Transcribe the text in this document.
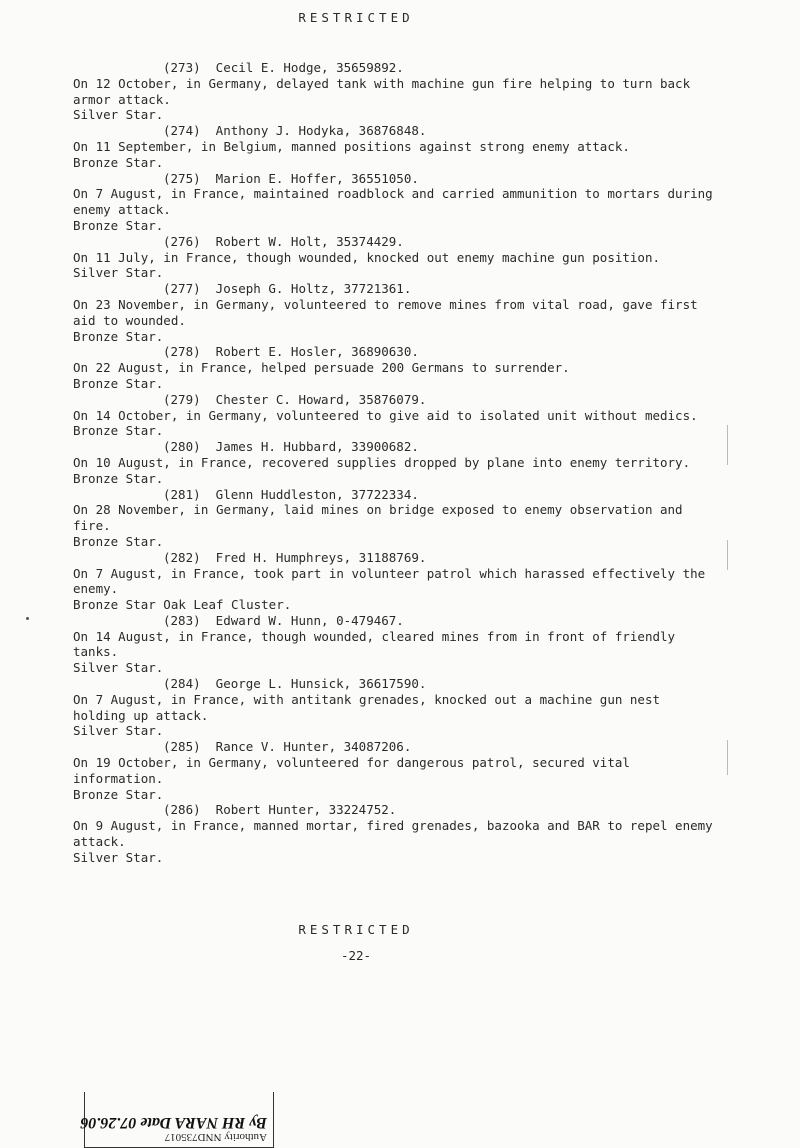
RESTRICTED
(273)  Cecil E. Hodge, 35659892.
On 12 October, in Germany, delayed tank with machine gun fire helping to turn back armor attack.
Silver Star.
(274)  Anthony J. Hodyka, 36876848.
On 11 September, in Belgium, manned positions against strong enemy attack.
Bronze Star.
(275)  Marion E. Hoffer, 36551050.
On 7 August, in France, maintained roadblock and carried ammunition to mortars during enemy attack.
Bronze Star.
(276)  Robert W. Holt, 35374429.
On 11 July, in France, though wounded, knocked out enemy machine gun position.
Silver Star.
(277)  Joseph G. Holtz, 37721361.
On 23 November, in Germany, volunteered to remove mines from vital road, gave first aid to wounded.
Bronze Star.
(278)  Robert E. Hosler, 36890630.
On 22 August, in France, helped persuade 200 Germans to surrender.
Bronze Star.
(279)  Chester C. Howard, 35876079.
On 14 October, in Germany, volunteered to give aid to isolated unit without medics.
Bronze Star.
(280)  James H. Hubbard, 33900682.
On 10 August, in France, recovered supplies dropped by plane into enemy territory.
Bronze Star.
(281)  Glenn Huddleston, 37722334.
On 28 November, in Germany, laid mines on bridge exposed to enemy observation and fire.
Bronze Star.
(282)  Fred H. Humphreys, 31188769.
On 7 August, in France, took part in volunteer patrol which harassed effectively the enemy.
Bronze Star Oak Leaf Cluster.
(283)  Edward W. Hunn, 0-479467.
On 14 August, in France, though wounded, cleared mines from in front of friendly tanks.
Silver Star.
(284)  George L. Hunsick, 36617590.
On 7 August, in France, with antitank grenades, knocked out a machine gun nest holding up attack.
Silver Star.
(285)  Rance V. Hunter, 34087206.
On 19 October, in Germany, volunteered for dangerous patrol, secured vital information.
Bronze Star.
(286)  Robert Hunter, 33224752.
On 9 August, in France, manned mortar, fired grenades, bazooka and BAR to repel enemy attack.
Silver Star.
RESTRICTED
-22-
Authority NND735017
By RH NARA Date 07.26.06
